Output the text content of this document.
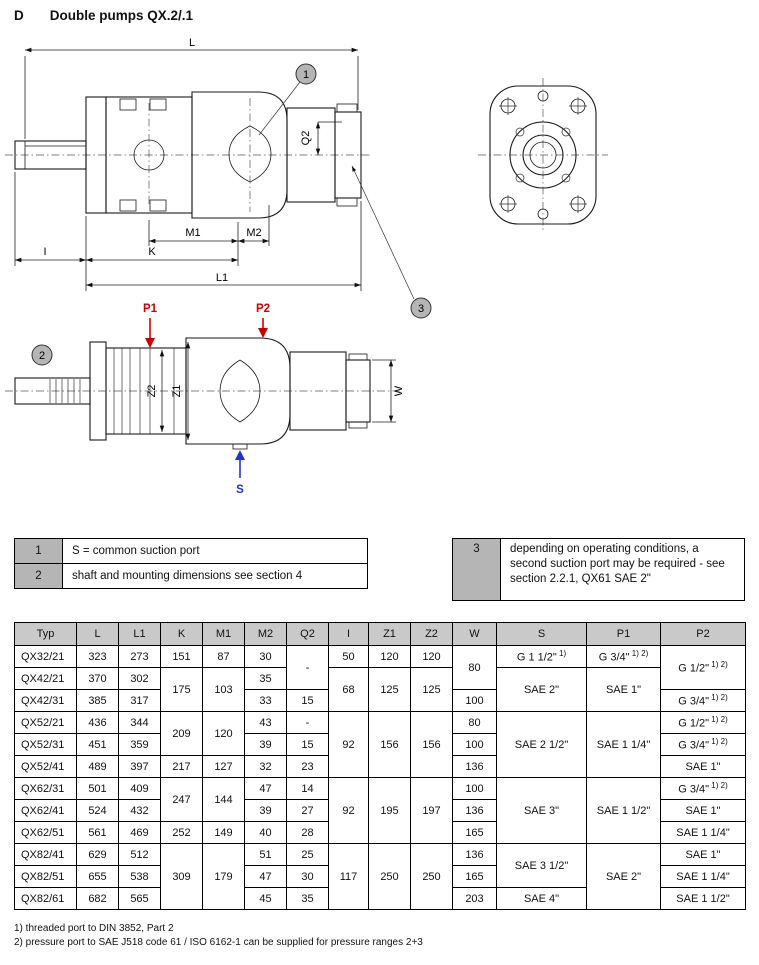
D Double pumps QX.2/.1
L
Q2
M1	M2
I	K
L1
1
3
P1	P2
S
Z2 Z1	W
2
1	S = common suction port
2	shaft and mounting dimensions see section 4
3	depending on operating conditions, a second suction port may be required - see section 2.2.1, QX61 SAE 2"
Typ	L	L1	K	M1	M2	Q2	I	Z1	Z2	W	S	P1	P2
QX32/21	323	273	151	87	30	-	50	120	120	80	G 1 1/2" $^{1)}$	G 3/4" $^{1) 2)}$	G 1/2" $^{1) 2)}$
QX42/21	370	302	175	103	35		68	125	125		SAE 2"	SAE 1"	
QX42/31	385	317			33	15				100			G 3/4" $^{1) 2)}$
QX52/21	436	344	209	120	43	-	92	156	156	80	SAE 2 1/2"	SAE 1 1/4"	G 1/2" $^{1) 2)}$
QX52/31	451	359			39	15				100			G 3/4" $^{1) 2)}$
QX52/41	489	397	217	127	32	23				136			SAE 1"
QX62/31	501	409	247	144	47	14	92	195	197	100	SAE 3"	SAE 1 1/2"	G 3/4" $^{1) 2)}$
QX62/41	524	432			39	27				136			SAE 1"
QX62/51	561	469	252	149	40	28				165			SAE 1 1/4"
QX82/41	629	512	309	179	51	25	117	250	250	136	SAE 3 1/2"	SAE 2"	SAE 1"
QX82/51	655	538			47	30				165			SAE 1 1/4"
QX82/61	682	565			45	35				203	SAE 4"		SAE 1 1/2"
1) threaded port to DIN 3852, Part 2
2) pressure port to SAE J518 code 61 / ISO 6162-1 can be supplied for pressure ranges 2+3
